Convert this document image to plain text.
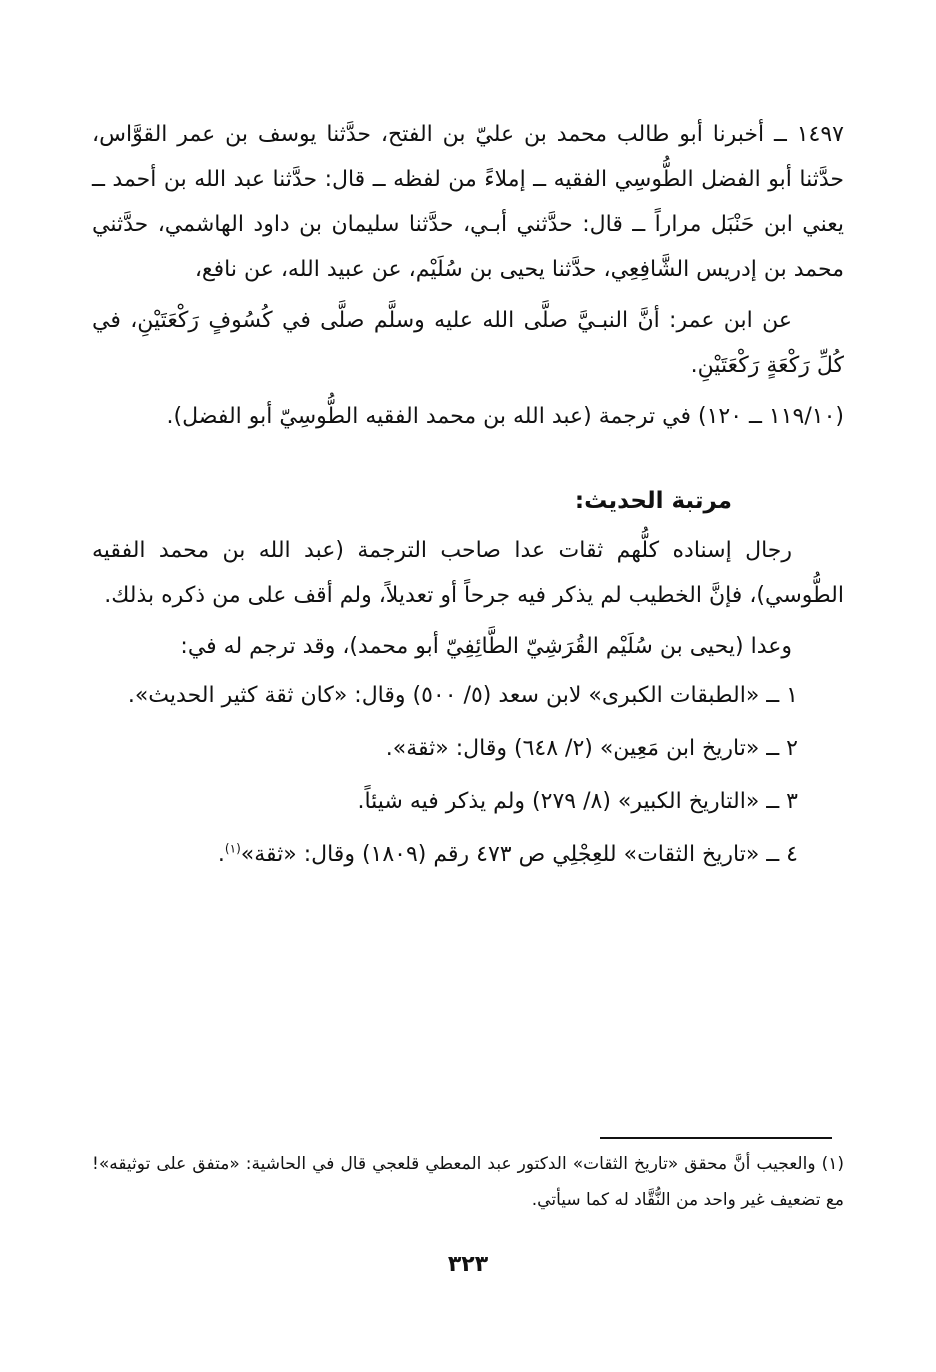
١٤٩٧ ــ أخبرنا أبو طالب محمد بن عليّ بن الفتح، حدَّثنا يوسف بن عمر القوَّاس، حدَّثنا أبو الفضل الطُّوسِي الفقيه ــ إملاءً من لفظه ــ قال: حدَّثنا عبد الله بن أحمد ــ يعني ابن حَنْبَل مراراً ــ قال: حدَّثني أبـي، حدَّثنا سليمان بن داود الهاشمي، حدَّثني محمد بن إدريس الشَّافِعِي، حدَّثنا يحيى بن سُلَيْم، عن عبيد الله، عن نافع،

عن ابن عمر: أنَّ النبـيَّ صلَّى الله عليه وسلَّم صلَّى في كُسُوفٍ رَكْعَتَيْنِ، في كُلِّ رَكْعَةٍ رَكْعَتَيْنِ.

(١١٩/١٠ ــ ١٢٠) في ترجمة (عبد الله بن محمد الفقيه الطُّوسِيّ أبو الفضل).

مرتبة الحديث:

رجال إسناده كلُّهم ثقات عدا صاحب الترجمة (عبد الله بن محمد الفقيه الطُّوسي)، فإنَّ الخطيب لم يذكر فيه جرحاً أو تعديلاً، ولم أقف على من ذكره بذلك.

وعدا (يحيى بن سُلَيْم القُرَشِيّ الطَّائِفِيّ أبو محمد)، وقد ترجم له في:

١ ــ «الطبقات الكبرى» لابن سعد (٥/ ٥٠٠) وقال: «كان ثقة كثير الحديث».

٢ ــ «تاريخ ابن مَعِين» (٢/ ٦٤٨) وقال: «ثقة».

٣ ــ «التاريخ الكبير» (٨/ ٢٧٩) ولم يذكر فيه شيئاً.

٤ ــ «تاريخ الثقات» للعِجْلِي ص ٤٧٣ رقم (١٨٠٩) وقال: «ثقة»$^{(١)}$.

(١) والعجيب أنَّ محقق «تاريخ الثقات» الدكتور عبد المعطي قلعجي قال في الحاشية: «متفق على توثيقه»! مع تضعيف غير واحد من النُّقَّاد له كما سيأتي.

٣٢٣
